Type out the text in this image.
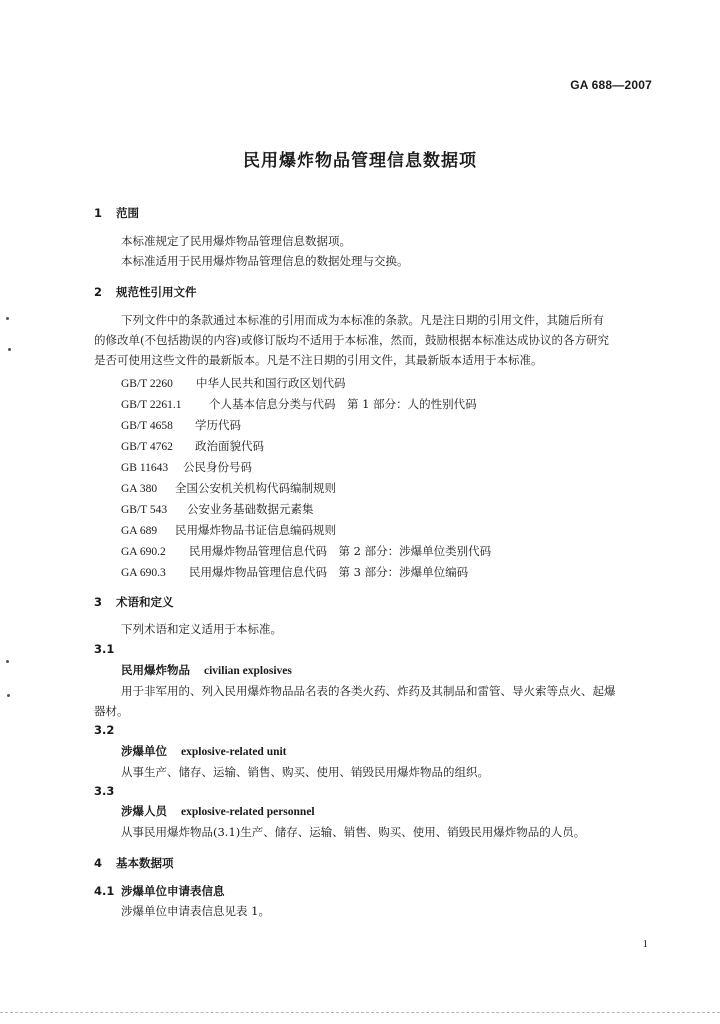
GA 688—2007
民用爆炸物品管理信息数据项
1 范围
本标准规定了民用爆炸物品管理信息数据项。
本标准适用于民用爆炸物品管理信息的数据处理与交换。
2 规范性引用文件
下列文件中的条款通过本标准的引用而成为本标准的条款。凡是注日期的引用文件，其随后所有
的修改单(不包括勘误的内容)或修订版均不适用于本标准，然而，鼓励根据本标准达成协议的各方研究
是否可使用这些文件的最新版本。凡是不注日期的引用文件，其最新版本适用于本标准。
GB/T 2260 中华人民共和国行政区划代码
GB/T 2261.1 个人基本信息分类与代码　第 1 部分：人的性别代码
GB/T 4658 学历代码
GB/T 4762 政治面貌代码
GB 11643 公民身份号码
GA 380 全国公安机关机构代码编制规则
GB/T 543 公安业务基础数据元素集
GA 689 民用爆炸物品书证信息编码规则
GA 690.2 民用爆炸物品管理信息代码　第 2 部分：涉爆单位类别代码
GA 690.3 民用爆炸物品管理信息代码　第 3 部分：涉爆单位编码
3 术语和定义
下列术语和定义适用于本标准。
3.1
民用爆炸物品 civilian explosives
用于非军用的、列入民用爆炸物品品名表的各类火药、炸药及其制品和雷管、导火索等点火、起爆
器材。
3.2
涉爆单位 explosive-related unit
从事生产、储存、运输、销售、购买、使用、销毁民用爆炸物品的组织。
3.3
涉爆人员 explosive-related personnel
从事民用爆炸物品(3.1)生产、储存、运输、销售、购买、使用、销毁民用爆炸物品的人员。
4 基本数据项
4.1 涉爆单位申请表信息
涉爆单位申请表信息见表 1。
1
